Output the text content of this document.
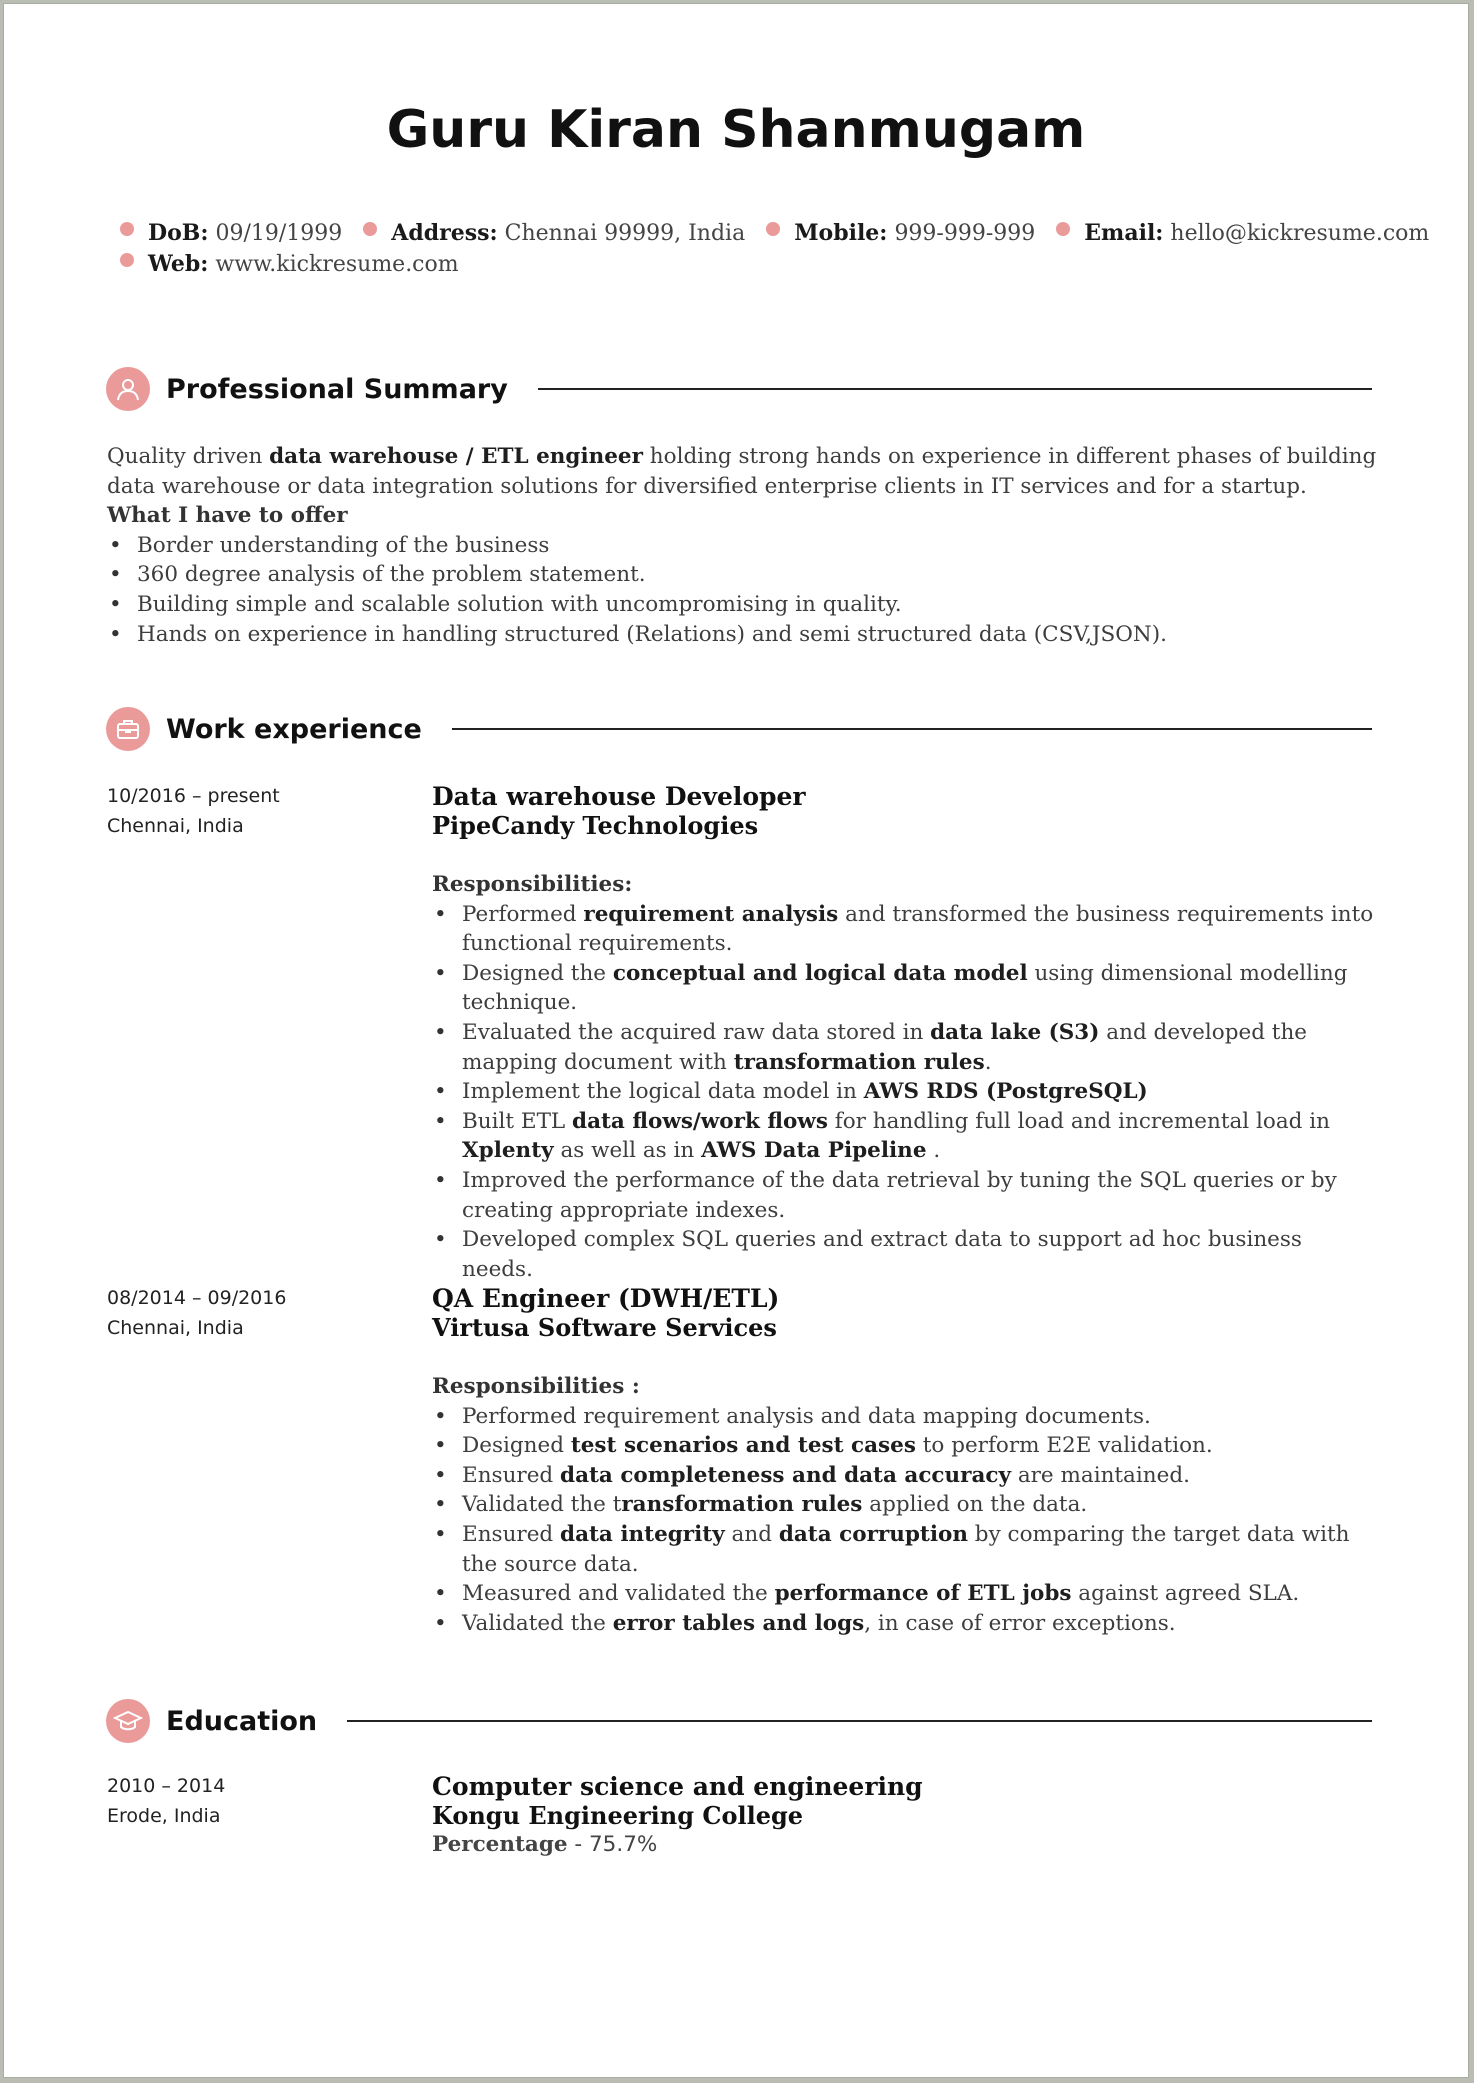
Guru Kiran Shanmugam
DoB: 09/19/1999 Address: Chennai 99999, India Mobile: 999-999-999 Email: hello@kickresume.com
Web: www.kickresume.com
Professional Summary
Quality driven data warehouse / ETL engineer holding strong hands on experience in different phases of building data warehouse or data integration solutions for diversified enterprise clients in IT services and for a startup.
What I have to offer
• Border understanding of the business
• 360 degree analysis of the problem statement.
• Building simple and scalable solution with uncompromising in quality.
• Hands on experience in handling structured (Relations) and semi structured data (CSV,JSON).
Work experience
10/2016 – present
Chennai, India
Data warehouse Developer
PipeCandy Technologies
Responsibilities:
• Performed requirement analysis and transformed the business requirements into functional requirements.
• Designed the conceptual and logical data model using dimensional modelling technique.
• Evaluated the acquired raw data stored in data lake (S3) and developed the mapping document with transformation rules.
• Implement the logical data model in AWS RDS (PostgreSQL)
• Built ETL data flows/work flows for handling full load and incremental load in Xplenty as well as in AWS Data Pipeline .
• Improved the performance of the data retrieval by tuning the SQL queries or by creating appropriate indexes.
• Developed complex SQL queries and extract data to support ad hoc business needs.
08/2014 – 09/2016
Chennai, India
QA Engineer (DWH/ETL)
Virtusa Software Services
Responsibilities :
• Performed requirement analysis and data mapping documents.
• Designed test scenarios and test cases to perform E2E validation.
• Ensured data completeness and data accuracy are maintained.
• Validated the transformation rules applied on the data.
• Ensured data integrity and data corruption by comparing the target data with the source data.
• Measured and validated the performance of ETL jobs against agreed SLA.
• Validated the error tables and logs, in case of error exceptions.
Education
2010 – 2014
Erode, India
Computer science and engineering
Kongu Engineering College
Percentage - 75.7%
